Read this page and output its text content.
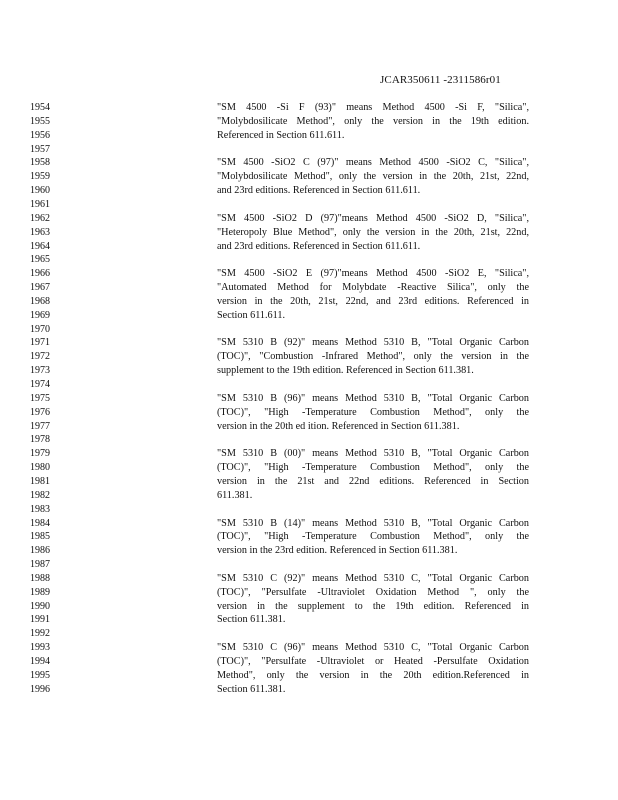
JCAR350611 -2311586r01
1954	"SM 4500 -Si F (93)" means Method 4500 -Si F, "Silica",
1955	"Molybdosilicate Method", only the version in the 19th edition.
1956	Referenced in Section 611.611.
1957
1958	"SM 4500 -SiO2 C (97)" means Method 4500 -SiO2 C, "Silica",
1959	"Molybdosilicate Method", only the version in the 20th, 21st, 22nd,
1960	and 23rd editions. Referenced in Section 611.611.
1961
1962	"SM 4500 -SiO2 D (97)"means Method 4500 -SiO2 D, "Silica",
1963	"Heteropoly Blue Method", only the version in the 20th, 21st, 22nd,
1964	and 23rd editions. Referenced in Section 611.611.
1965
1966	"SM 4500 -SiO2 E (97)"means Method 4500 -SiO2 E, "Silica",
1967	"Automated Method for Molybdate -Reactive Silica", only the
1968	version in the 20th, 21st, 22nd, and 23rd editions. Referenced in
1969	Section 611.611.
1970
1971	"SM 5310 B (92)" means Method 5310 B, "Total Organic Carbon
1972	(TOC)", "Combustion -Infrared Method", only the version in the
1973	supplement to the 19th edition. Referenced in Section 611.381.
1974
1975	"SM 5310 B (96)" means Method 5310 B, "Total Organic Carbon
1976	(TOC)", "High -Temperature Combustion Method", only the
1977	version in the 20th ed ition. Referenced in Section 611.381.
1978
1979	"SM 5310 B (00)" means Method 5310 B, "Total Organic Carbon
1980	(TOC)", "High -Temperature Combustion Method", only the
1981	version in the 21st and 22nd editions. Referenced in Section
1982	611.381.
1983
1984	"SM 5310 B (14)" means Method 5310 B, "Total Organic Carbon
1985	(TOC)", "High -Temperature Combustion Method", only the
1986	version in the 23rd edition. Referenced in Section 611.381.
1987
1988	"SM 5310 C (92)" means Method 5310 C, "Total Organic Carbon
1989	(TOC)", "Persulfate -Ultraviolet Oxidation Method ", only the
1990	version in the supplement to the 19th edition. Referenced in
1991	Section 611.381.
1992
1993	"SM 5310 C (96)" means Method 5310 C, "Total Organic Carbon
1994	(TOC)", "Persulfate -Ultraviolet or Heated -Persulfate Oxidation
1995	Method", only the version in the 20th edition.Referenced in
1996	Section 611.381.
